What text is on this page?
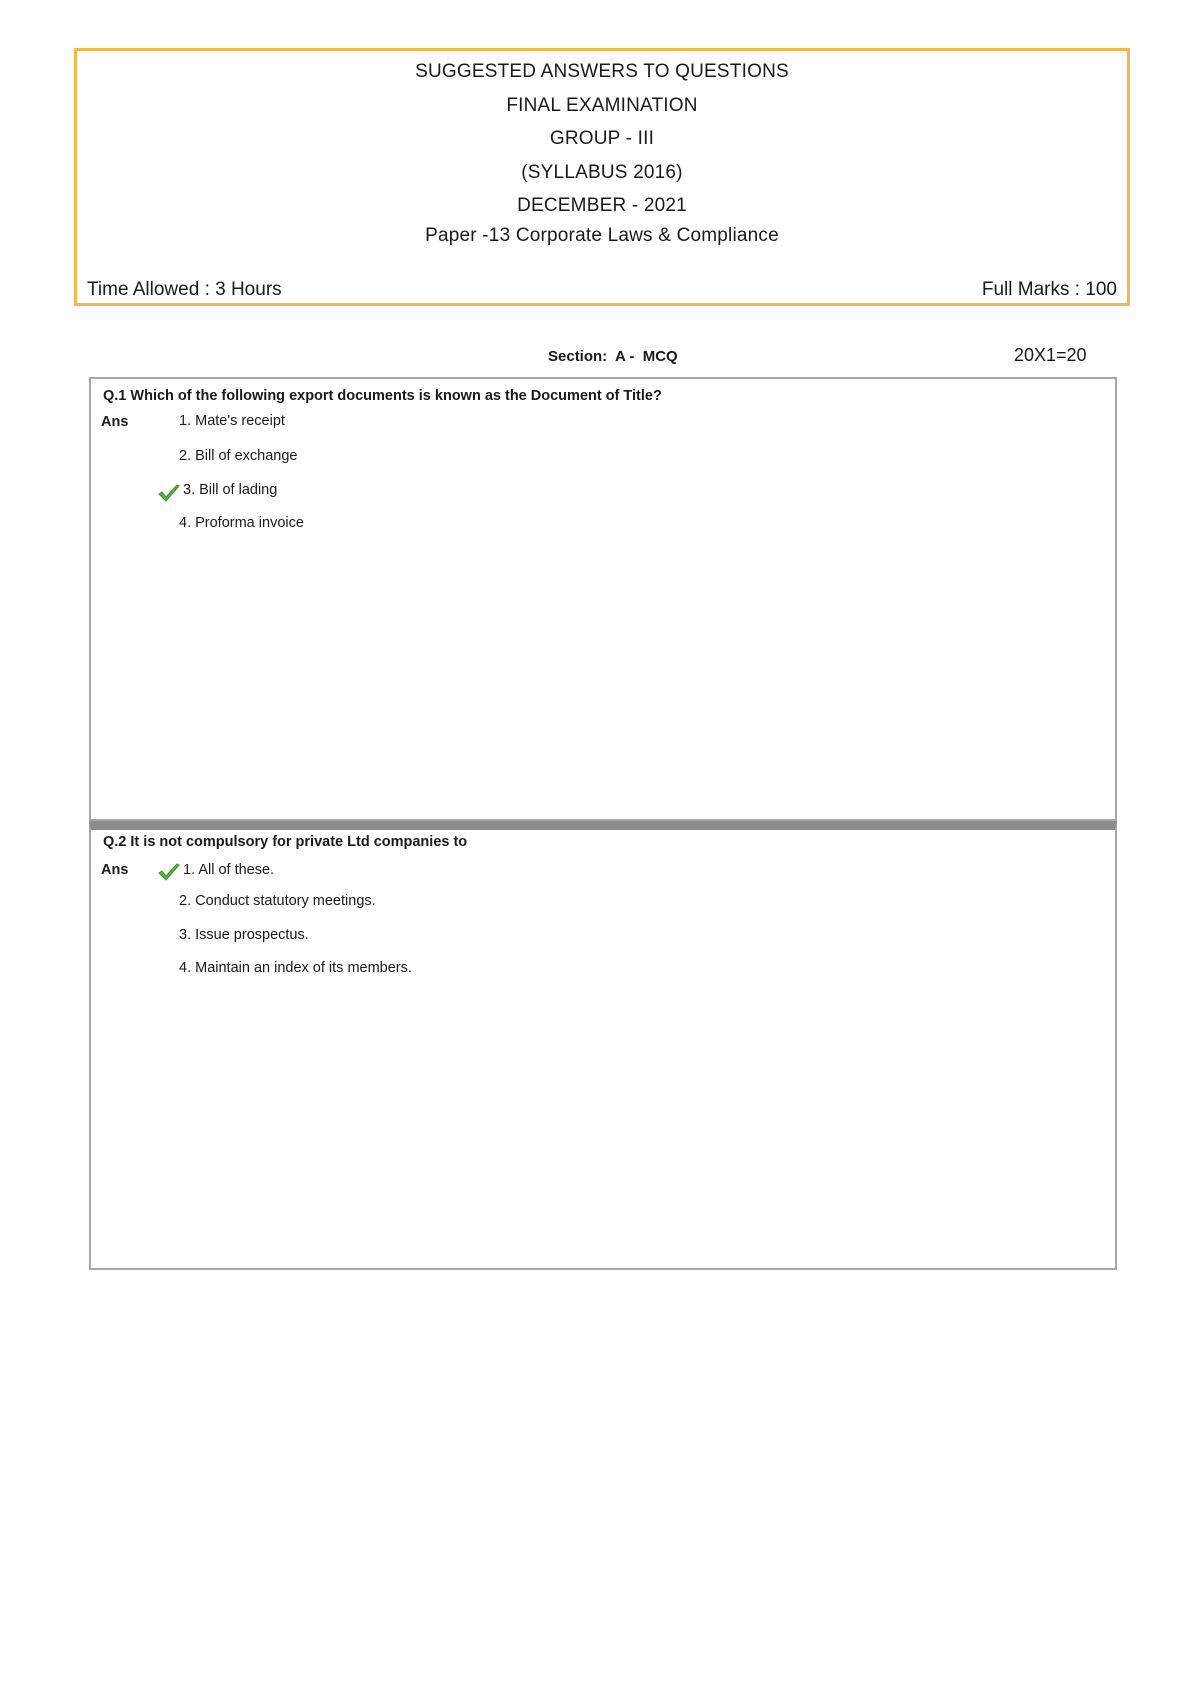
SUGGESTED ANSWERS TO QUESTIONS
FINAL EXAMINATION
GROUP - III
(SYLLABUS 2016)
DECEMBER - 2021
Paper -13 Corporate Laws & Compliance
Time Allowed : 3 Hours	Full Marks : 100
Section:  A -  MCQ	20X1=20
Q.1 Which of the following export documents is known as the Document of Title?
Ans	1. Mate's receipt
2. Bill of exchange
3. Bill of lading
4. Proforma invoice
Q.2 It is not compulsory for private Ltd companies to
Ans	1. All of these.
2. Conduct statutory meetings.
3. Issue prospectus.
4. Maintain an index of its members.
